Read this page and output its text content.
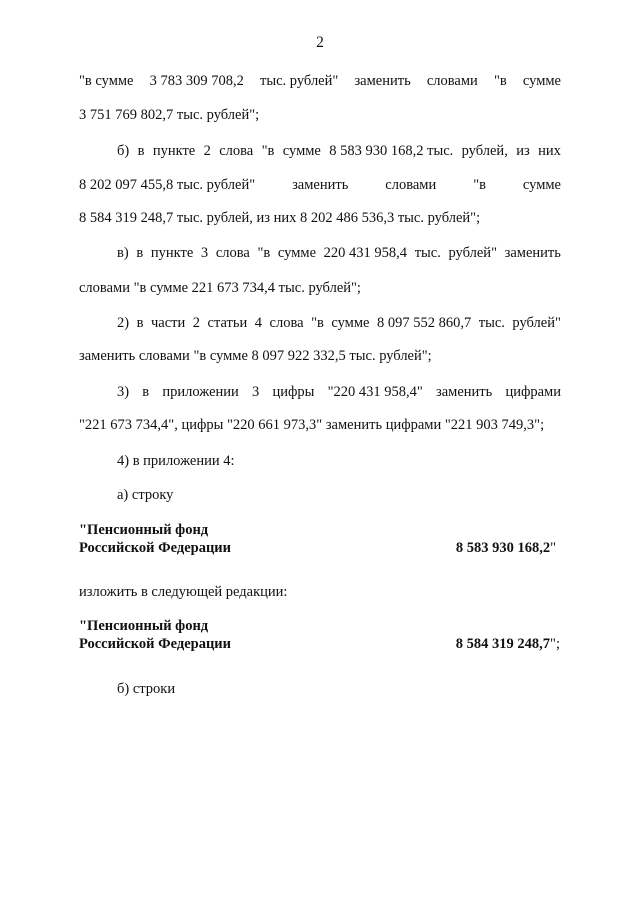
2
"в сумме 3 783 309 708,2 тыс. рублей" заменить словами "в сумме
3 751 769 802,7 тыс. рублей";
б) в пункте 2 слова "в сумме 8 583 930 168,2 тыс. рублей, из них
8 202 097 455,8 тыс. рублей"	заменить	словами	"в	сумме
8 584 319 248,7 тыс. рублей, из них 8 202 486 536,3 тыс. рублей";
в) в пункте 3 слова "в сумме 220 431 958,4 тыс. рублей" заменить
словами "в сумме 221 673 734,4 тыс. рублей";
2) в части 2 статьи 4 слова "в сумме 8 097 552 860,7 тыс. рублей"
заменить словами "в сумме 8 097 922 332,5 тыс. рублей";
3) в приложении 3 цифры "220 431 958,4" заменить цифрами
"221 673 734,4", цифры "220 661 973,3" заменить цифрами "221 903 749,3";
4) в приложении 4:
а) строку
"Пенсионный фонд
Российской Федерации	8 583 930 168,2"
изложить в следующей редакции:
"Пенсионный фонд
Российской Федерации	8 584 319 248,7";
б) строки
